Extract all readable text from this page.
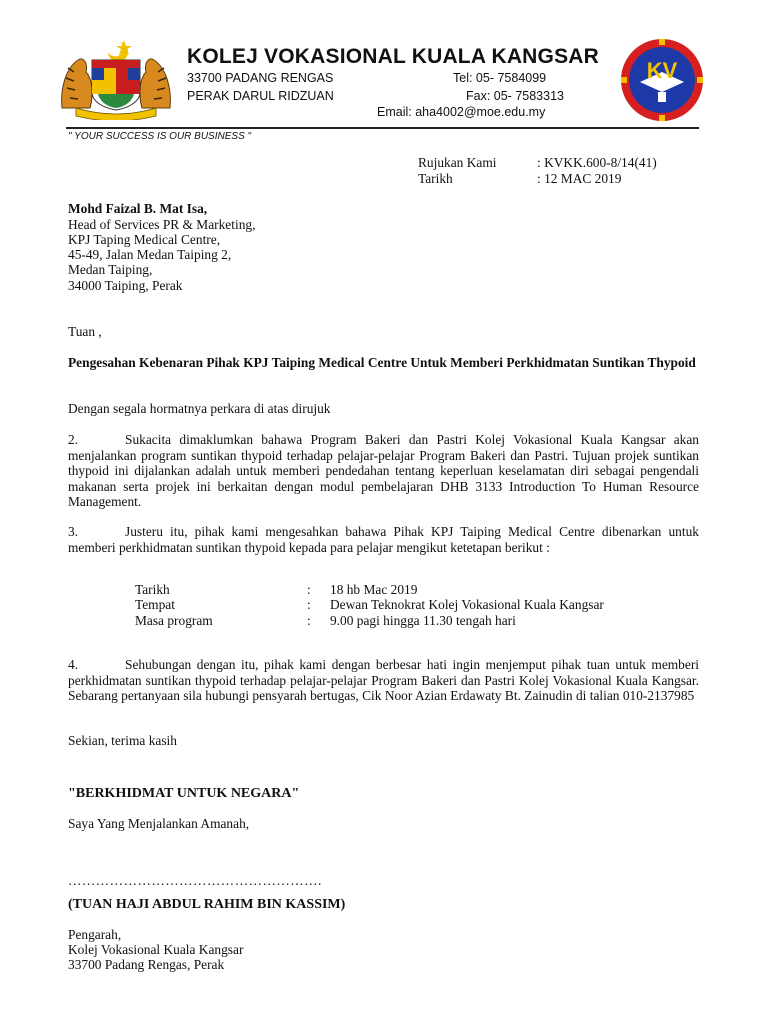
KOLEJ VOKASIONAL KUALA KANGSAR
33700 PADANG RENGAS
PERAK DARUL RIDZUAN
Tel: 05- 7584099
Fax: 05- 7583313
Email: aha4002@moe.edu.my
KV
" YOUR SUCCESS IS OUR BUSINESS "
Rujukan Kami	: KVKK.600-8/14(41)
Tarikh	: 12 MAC 2019
Mohd Faizal B. Mat Isa,
Head of Services PR & Marketing,
KPJ Taping Medical Centre,
45-49, Jalan Medan Taiping 2,
Medan Taiping,
34000 Taiping, Perak
Tuan ,
Pengesahan Kebenaran Pihak KPJ Taiping Medical Centre Untuk Memberi Perkhidmatan Suntikan Thypoid
Dengan segala hormatnya perkara di atas dirujuk
2.	Sukacita dimaklumkan bahawa Program Bakeri dan Pastri Kolej Vokasional Kuala Kangsar akan menjalankan program suntikan thypoid terhadap pelajar-pelajar Program Bakeri dan Pastri. Tujuan projek suntikan thypoid ini dijalankan adalah untuk memberi pendedahan tentang keperluan keselamatan diri sebagai pengendali makanan serta projek ini berkaitan dengan modul pembelajaran DHB 3133 Introduction To Human Resource Management.
3.	Justeru itu, pihak kami mengesahkan bahawa Pihak KPJ Taiping Medical Centre dibenarkan untuk memberi perkhidmatan suntikan thypoid kepada para pelajar mengikut ketetapan berikut :
Tarikh	: 18 hb Mac 2019
Tempat	: Dewan Teknokrat Kolej Vokasional Kuala Kangsar
Masa program	: 9.00 pagi hingga 11.30 tengah hari
4.	Sehubungan dengan itu, pihak kami dengan berbesar hati ingin menjemput pihak tuan untuk memberi perkhidmatan suntikan thypoid terhadap pelajar-pelajar Program Bakeri dan Pastri Kolej Vokasional Kuala Kangsar. Sebarang pertanyaan sila hubungi pensyarah bertugas, Cik Noor Azian Erdawaty Bt. Zainudin di talian 010-2137985
Sekian, terima kasih
"BERKHIDMAT UNTUK NEGARA"
Saya Yang Menjalankan Amanah,
……………………………………………….
(TUAN HAJI ABDUL RAHIM BIN KASSIM)
Pengarah,
Kolej Vokasional Kuala Kangsar
33700 Padang Rengas, Perak
